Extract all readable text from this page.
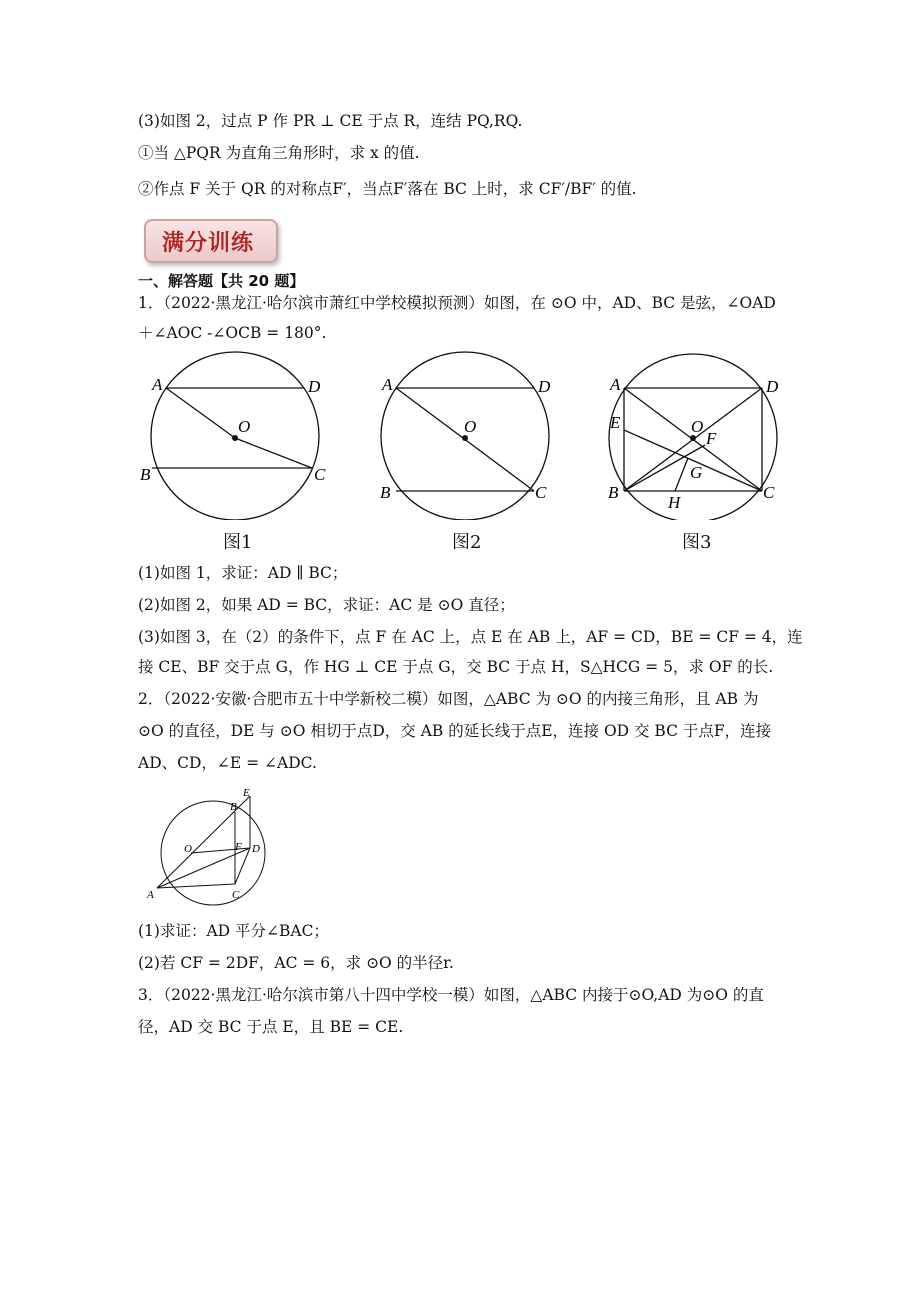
(3)如图 2，过点 P 作 PR ⊥ CE 于点 R，连结 PQ,RQ.
①当 △PQR 为直角三角形时，求 x 的值.
②作点 F 关于 QR 的对称点F′，当点F′落在 BC 上时，求 CF′/BF′ 的值.
满分训练
一、解答题【共 20 题】
1．（2022·黑龙江·哈尔滨市萧红中学校模拟预测）如图，在 ⊙O 中，AD、BC 是弦，∠OAD
＋∠AOC -∠OCB = 180°.
A	D
O
B	C
A	D
O
B	C
A	D
E	O
F
G
B
H
C
图1	图2	图3
(1)如图 1，求证：AD ∥ BC；
(2)如图 2，如果 AD = BC，求证：AC 是 ⊙O 直径；
(3)如图 3，在（2）的条件下，点 F 在 AC 上，点 E 在 AB 上，AF = CD，BE = CF = 4，连
接 CE、BF 交于点 G，作 HG ⊥ CE 于点 G，交 BC 于点 H，S△HCG = 5，求 OF 的长.
2．（2022·安徽·合肥市五十中学新校二模）如图，△ABC 为 ⊙O 的内接三角形，且 AB 为
⊙O 的直径，DE 与 ⊙O 相切于点D，交 AB 的延长线于点E，连接 OD 交 BC 于点F，连接
AD、CD，∠E = ∠ADC.
B
E
O	F D
A	C
(1)求证：AD 平分∠BAC；
(2)若 CF = 2DF，AC = 6，求 ⊙O 的半径r.
3．（2022·黑龙江·哈尔滨市第八十四中学校一模）如图，△ABC 内接于⊙O,AD 为⊙O 的直
径，AD 交 BC 于点 E，且 BE = CE.
